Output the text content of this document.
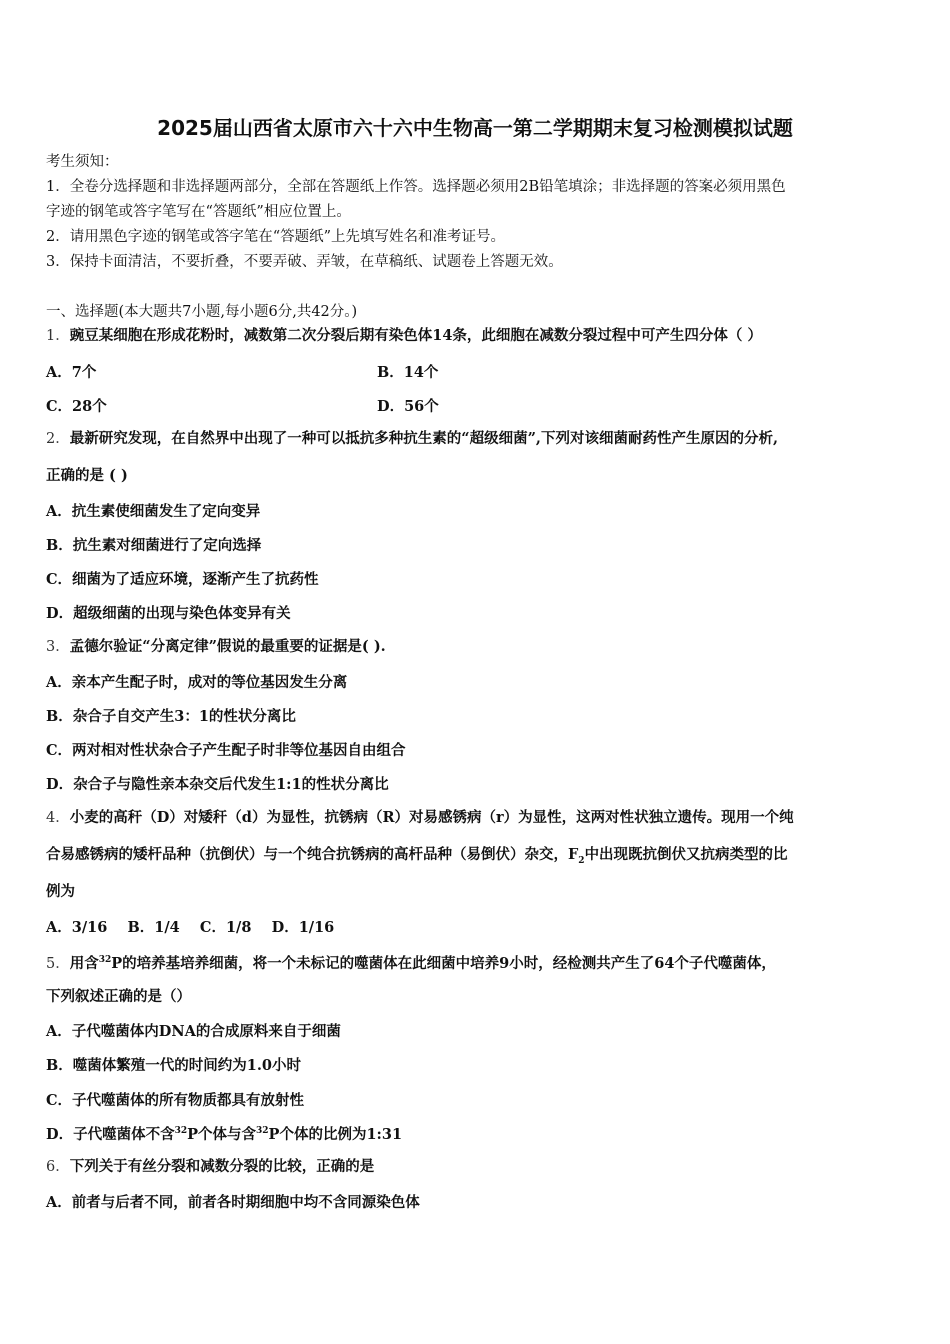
2025届山西省太原市六十六中生物高一第二学期期末复习检测模拟试题
考生须知：
1．全卷分选择题和非选择题两部分，全部在答题纸上作答。选择题必须用2B铅笔填涂；非选择题的答案必须用黑色
字迹的钢笔或答字笔写在“答题纸”相应位置上。
2．请用黑色字迹的钢笔或答字笔在“答题纸”上先填写姓名和准考证号。
3．保持卡面清洁，不要折叠，不要弄破、弄皱，在草稿纸、试题卷上答题无效。
一、选择题(本大题共7小题,每小题6分,共42分。)
1．豌豆某细胞在形成花粉时，减数第二次分裂后期有染色体14条，此细胞在减数分裂过程中可产生四分体（ ）
A．7个	B．14个
C．28个	D．56个
2．最新研究发现，在自然界中出现了一种可以抵抗多种抗生素的“超级细菌”,下列对该细菌耐药性产生原因的分析,
正确的是 ( )
A．抗生素使细菌发生了定向变异
B．抗生素对细菌进行了定向选择
C．细菌为了适应环境，逐渐产生了抗药性
D．超级细菌的出现与染色体变异有关
3．孟德尔验证“分离定律”假说的最重要的证据是( ).
A．亲本产生配子时，成对的等位基因发生分离
B．杂合子自交产生3：1的性状分离比
C．两对相对性状杂合子产生配子时非等位基因自由组合
D．杂合子与隐性亲本杂交后代发生1:1的性状分离比
4．小麦的高秆（D）对矮秆（d）为显性，抗锈病（R）对易感锈病（r）为显性，这两对性状独立遗传。现用一个纯
合易感锈病的矮杆品种（抗倒伏）与一个纯合抗锈病的高杆品种（易倒伏）杂交，$F_2$中出现既抗倒伏又抗病类型的比
例为
A．3/16    B．1/4    C．1/8    D．1/16
5．用含$^{32}$P的培养基培养细菌，将一个未标记的噬菌体在此细菌中培养9小时，经检测共产生了64个子代噬菌体，
下列叙述正确的是（）
A．子代噬菌体内DNA的合成原料来自于细菌
B．噬菌体繁殖一代的时间约为1.0小时
C．子代噬菌体的所有物质都具有放射性
D．子代噬菌体不含$^{32}$P个体与含$^{32}$P个体的比例为1:31
6．下列关于有丝分裂和减数分裂的比较，正确的是
A．前者与后者不同，前者各时期细胞中均不含同源染色体
